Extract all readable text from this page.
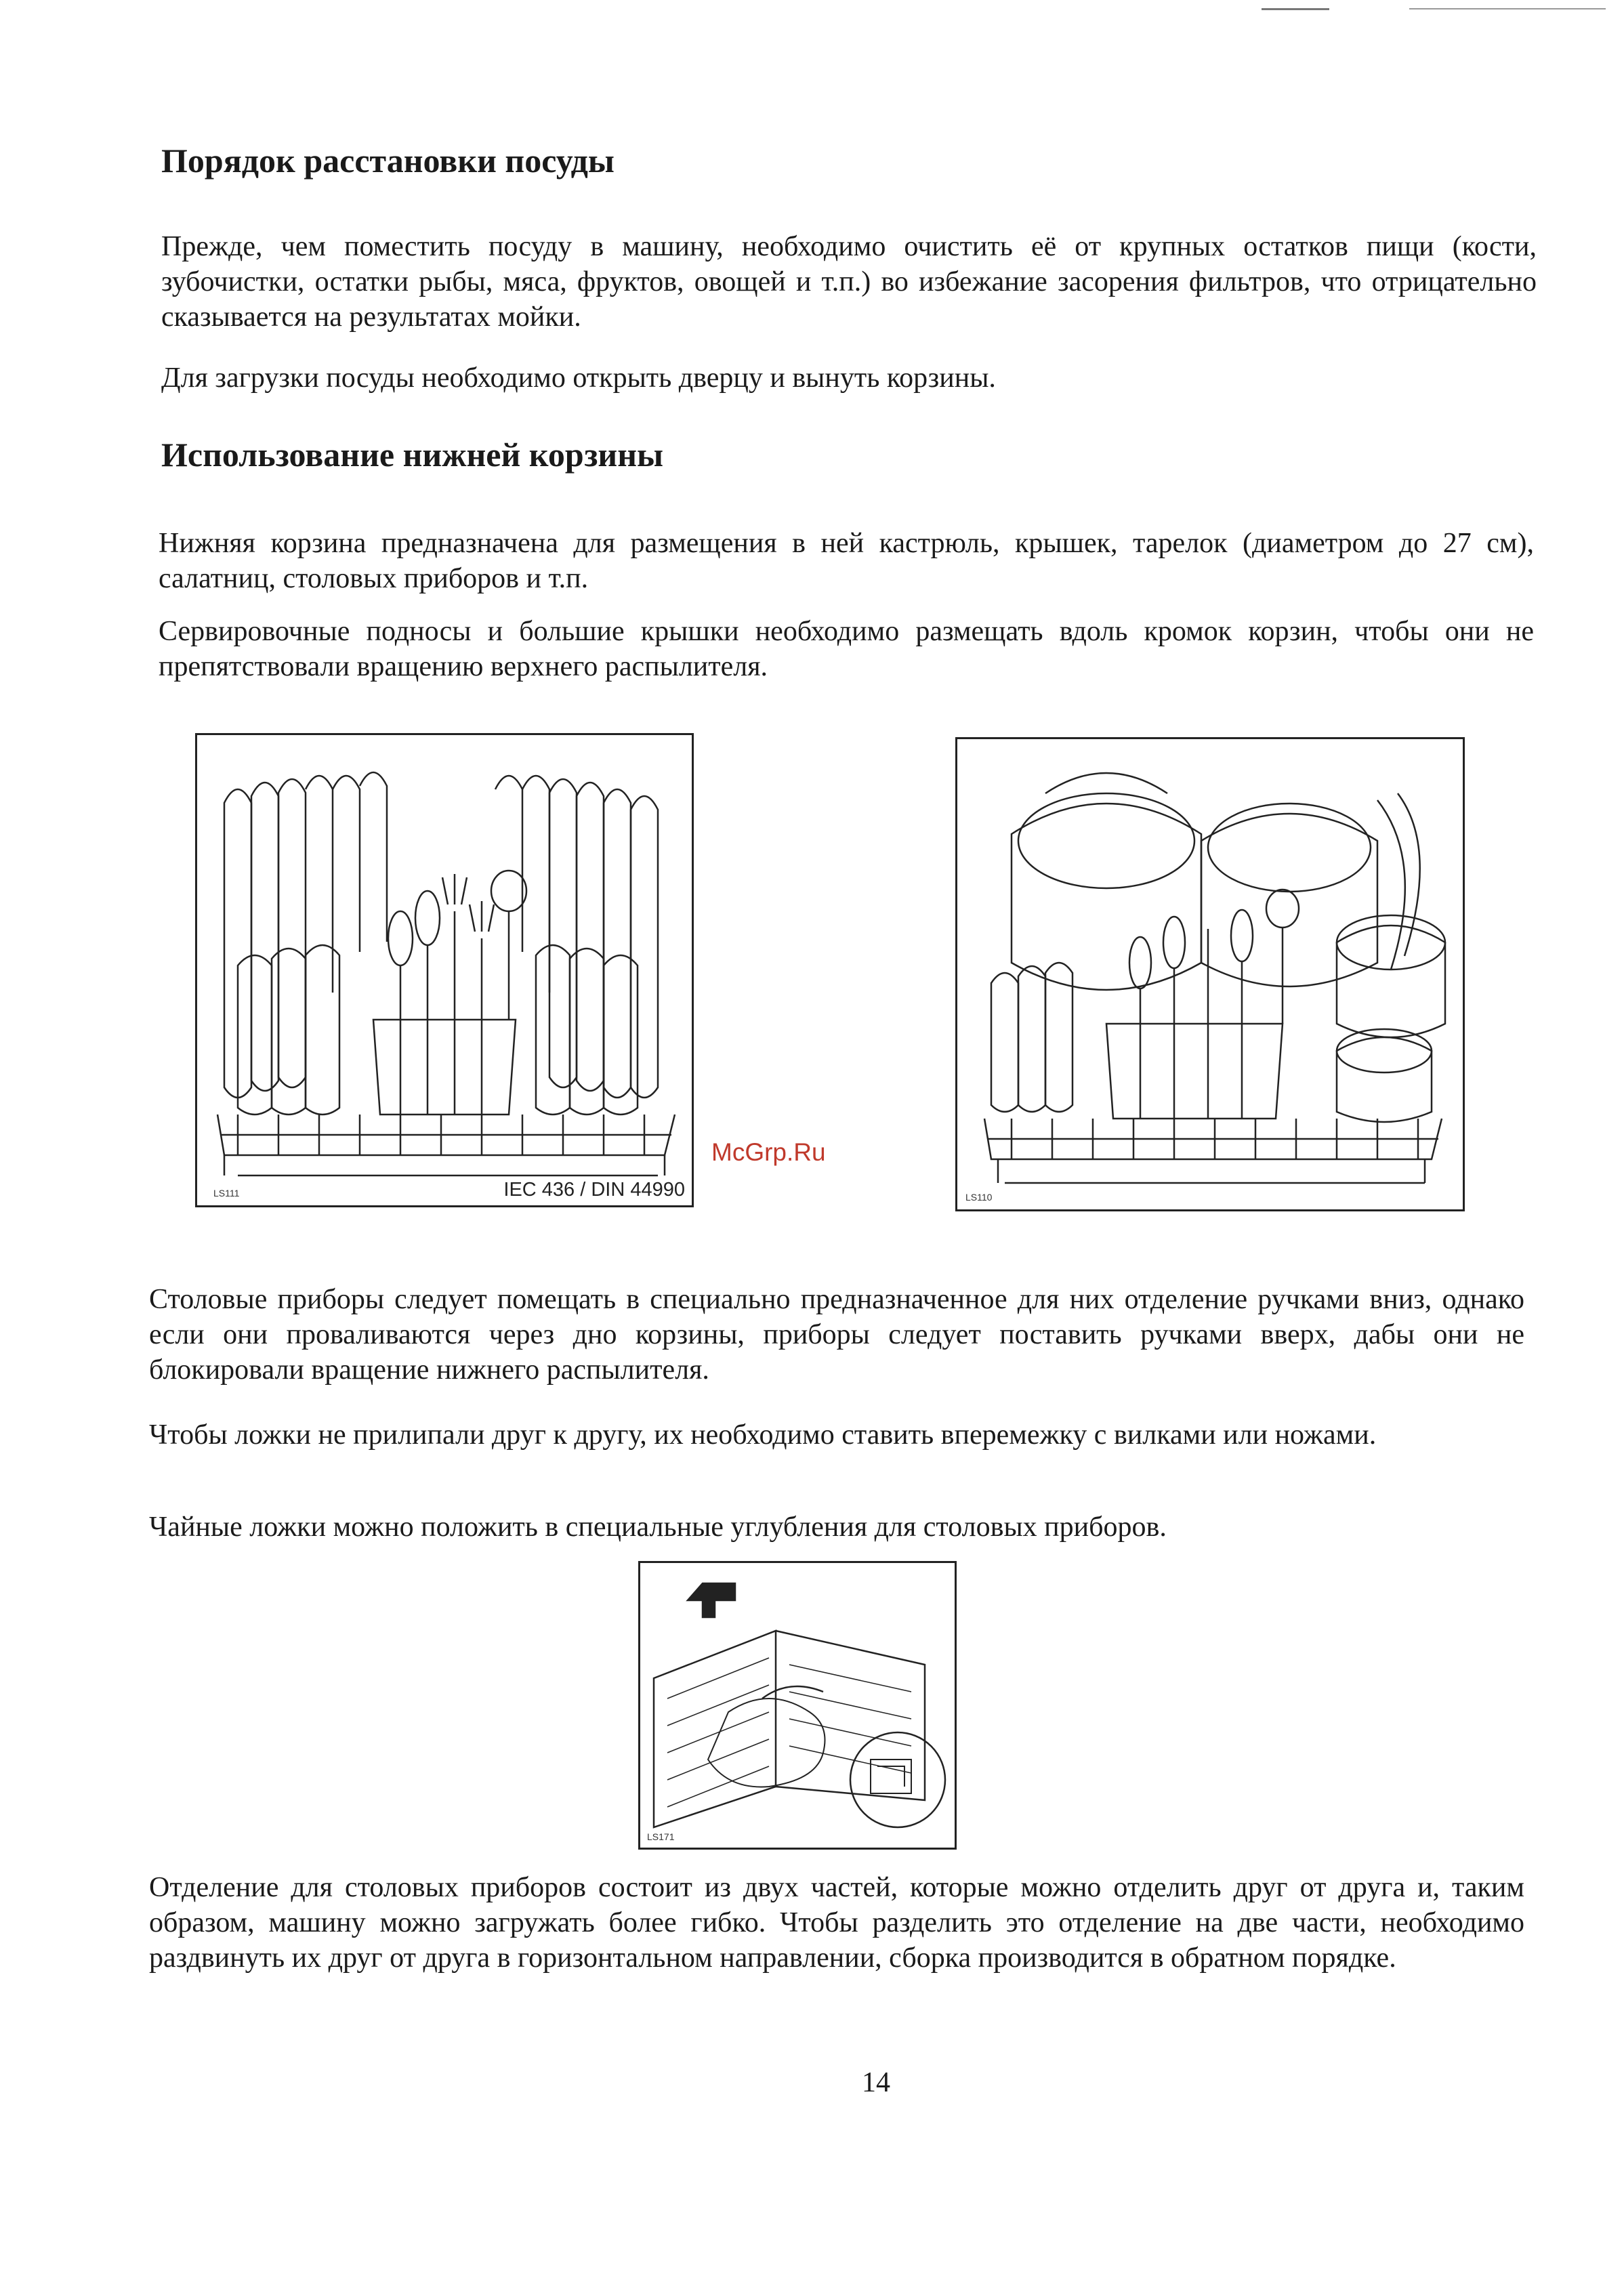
Порядок расстановки посуды

Прежде, чем поместить посуду в машину, необходимо очистить её от крупных остатков пищи (кости, зубочистки, остатки рыбы, мяса, фруктов, овощей и т.п.) во избежание засорения фильтров, что отрицательно сказывается на результатах мойки.

Для загрузки посуды необходимо открыть дверцу и вынуть корзины.

Использование нижней корзины

Нижняя корзина предназначена для размещения в ней кастрюль, крышек, тарелок (диаметром до 27 см), салатниц, столовых приборов и т.п.

Сервировочные подносы и большие крышки необходимо размещать вдоль кромок корзин, чтобы они не препятствовали вращению верхнего распылителя.

LS111	IEC 436 / DIN 44990
McGrp.Ru
LS110

Столовые приборы следует помещать в специально предназначенное для них отделение ручками вниз, однако если они проваливаются через дно корзины, приборы следует поставить ручками вверх, дабы они не блокировали вращение нижнего распылителя.

Чтобы ложки не прилипали друг к другу, их необходимо ставить вперемежку с вилками или ножами.

Чайные ложки можно положить в специальные углубления для столовых приборов.

LS171

Отделение для столовых приборов состоит из двух частей, которые можно отделить друг от друга и, таким образом, машину можно загружать более гибко. Чтобы разделить это отделение на две части, необходимо раздвинуть их друг от друга в горизонтальном направлении, сборка производится в обратном порядке.

14
